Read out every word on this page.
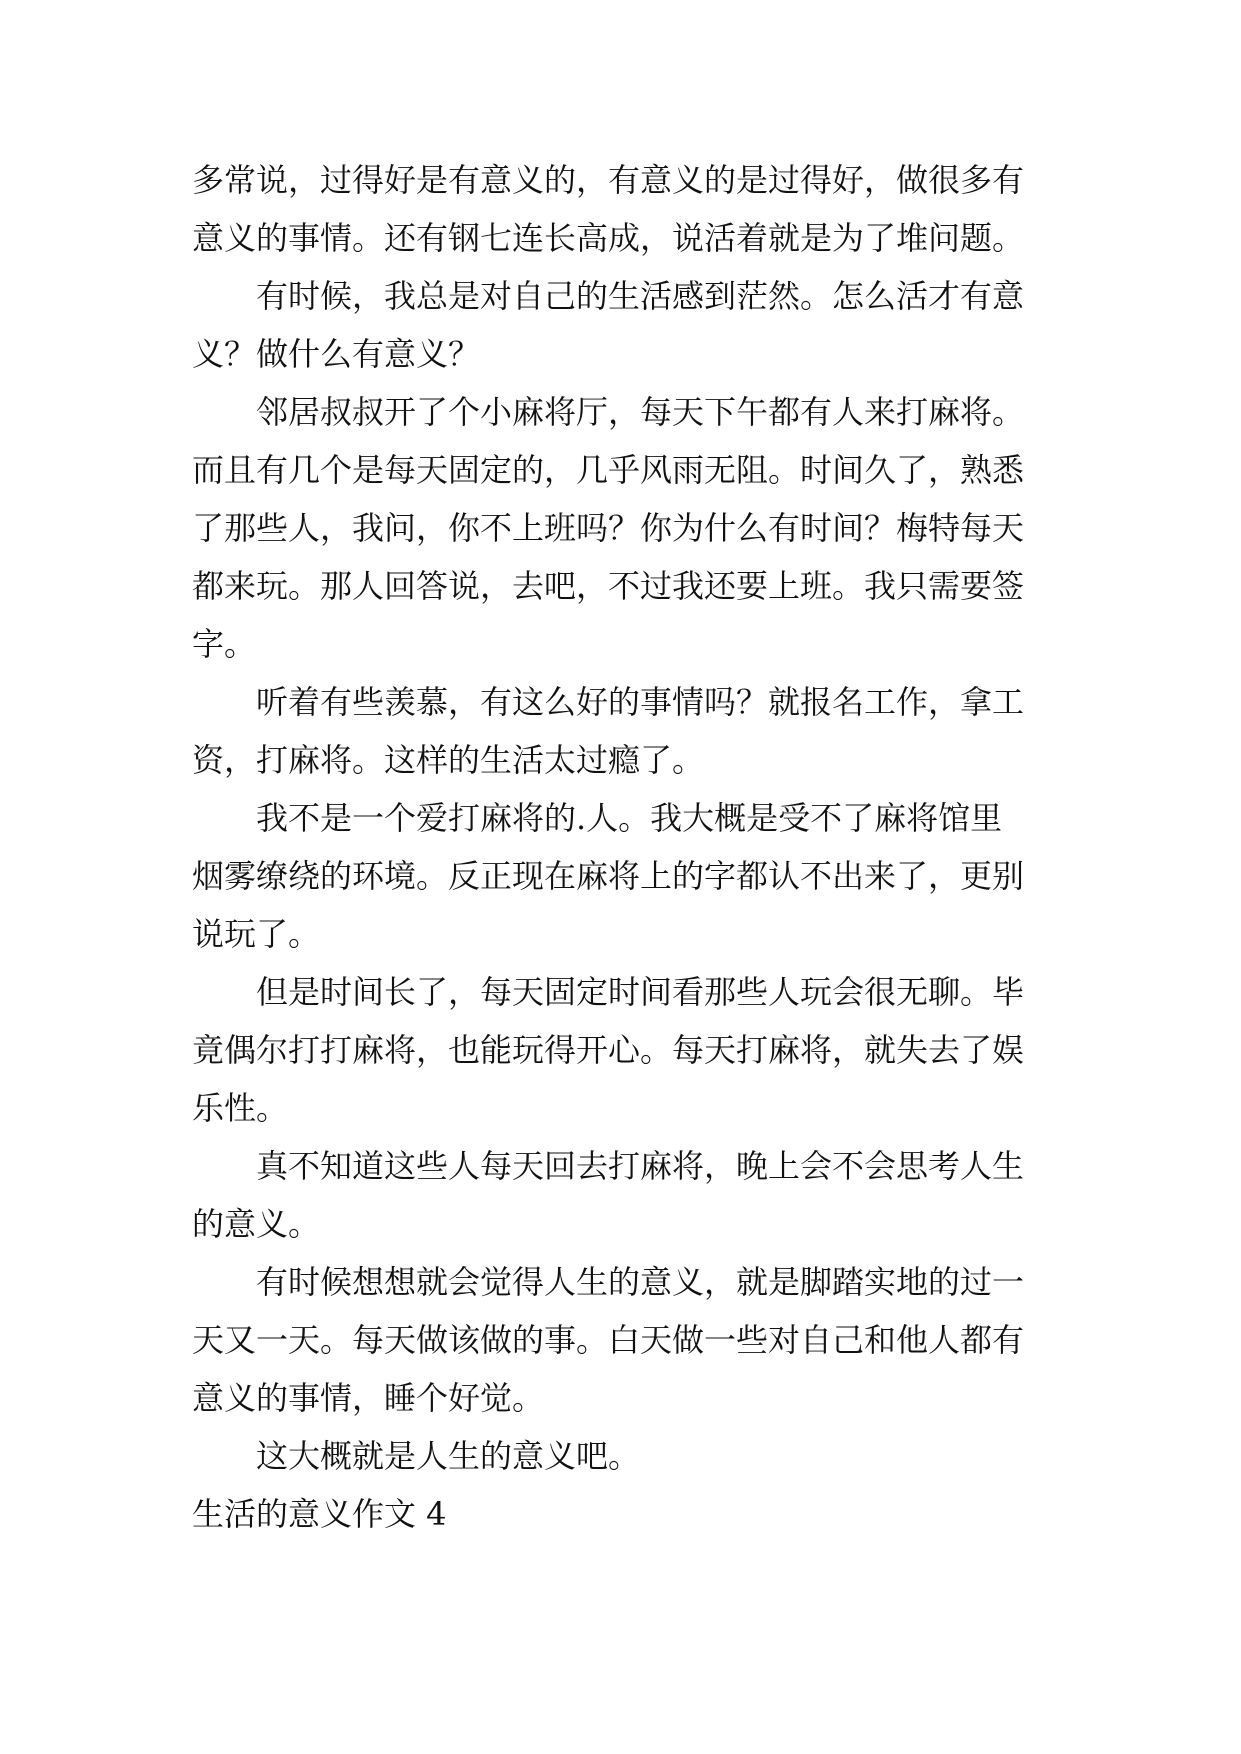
多常说，过得好是有意义的，有意义的是过得好，做很多有
意义的事情。还有钢七连长高成，说活着就是为了堆问题。
有时候，我总是对自己的生活感到茫然。怎么活才有意
义？做什么有意义？
邻居叔叔开了个小麻将厅，每天下午都有人来打麻将。
而且有几个是每天固定的，几乎风雨无阻。时间久了，熟悉
了那些人，我问，你不上班吗？你为什么有时间？梅特每天
都来玩。那人回答说，去吧，不过我还要上班。我只需要签
字。
听着有些羡慕，有这么好的事情吗？就报名工作，拿工
资，打麻将。这样的生活太过瘾了。
我不是一个爱打麻将的.人。我大概是受不了麻将馆里
烟雾缭绕的环境。反正现在麻将上的字都认不出来了，更别
说玩了。
但是时间长了，每天固定时间看那些人玩会很无聊。毕
竟偶尔打打麻将，也能玩得开心。每天打麻将，就失去了娱
乐性。
真不知道这些人每天回去打麻将，晚上会不会思考人生
的意义。
有时候想想就会觉得人生的意义，就是脚踏实地的过一
天又一天。每天做该做的事。白天做一些对自己和他人都有
意义的事情，睡个好觉。
这大概就是人生的意义吧。
生活的意义作文 4
